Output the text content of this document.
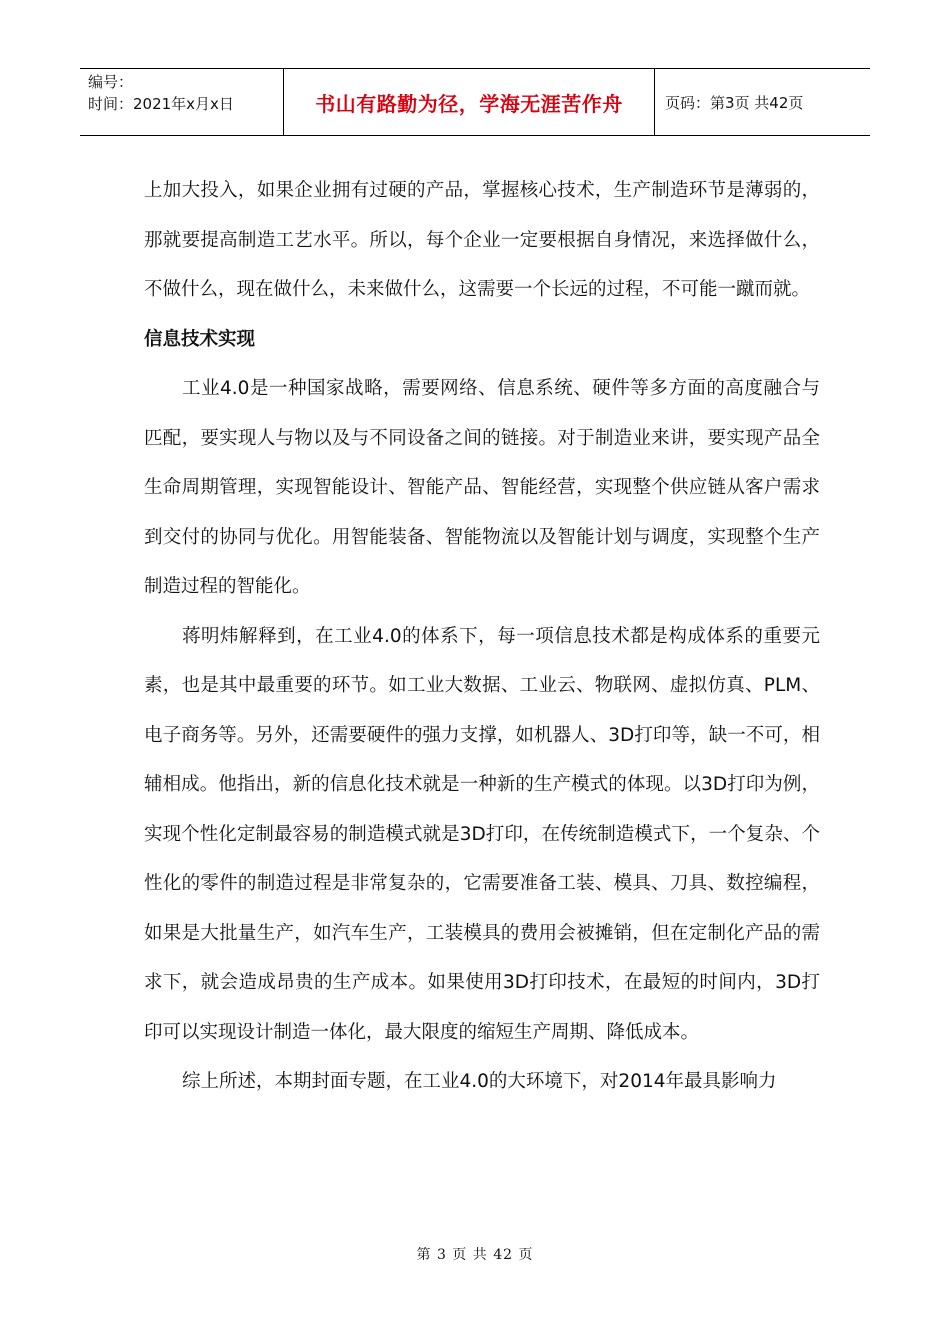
编号：
时间：2021年x月x日	书山有路勤为径，学海无涯苦作舟	页码：第3页 共42页

上加大投入，如果企业拥有过硬的产品，掌握核心技术，生产制造环节是薄弱的，那就要提高制造工艺水平。所以，每个企业一定要根据自身情况，来选择做什么，不做什么，现在做什么，未来做什么，这需要一个长远的过程，不可能一蹴而就。

信息技术实现

工业4.0是一种国家战略，需要网络、信息系统、硬件等多方面的高度融合与匹配，要实现人与物以及与不同设备之间的链接。对于制造业来讲，要实现产品全生命周期管理，实现智能设计、智能产品、智能经营，实现整个供应链从客户需求到交付的协同与优化。用智能装备、智能物流以及智能计划与调度，实现整个生产制造过程的智能化。

蒋明炜解释到，在工业4.0的体系下，每一项信息技术都是构成体系的重要元素，也是其中最重要的环节。如工业大数据、工业云、物联网、虚拟仿真、PLM、电子商务等。另外，还需要硬件的强力支撑，如机器人、3D打印等，缺一不可，相辅相成。他指出，新的信息化技术就是一种新的生产模式的体现。以3D打印为例，实现个性化定制最容易的制造模式就是3D打印，在传统制造模式下，一个复杂、个性化的零件的制造过程是非常复杂的，它需要准备工装、模具、刀具、数控编程，如果是大批量生产，如汽车生产，工装模具的费用会被摊销，但在定制化产品的需求下，就会造成昂贵的生产成本。如果使用3D打印技术，在最短的时间内，3D打印可以实现设计制造一体化，最大限度的缩短生产周期、降低成本。

综上所述，本期封面专题，在工业4.0的大环境下，对2014年最具影响力

第 3 页 共 42 页
